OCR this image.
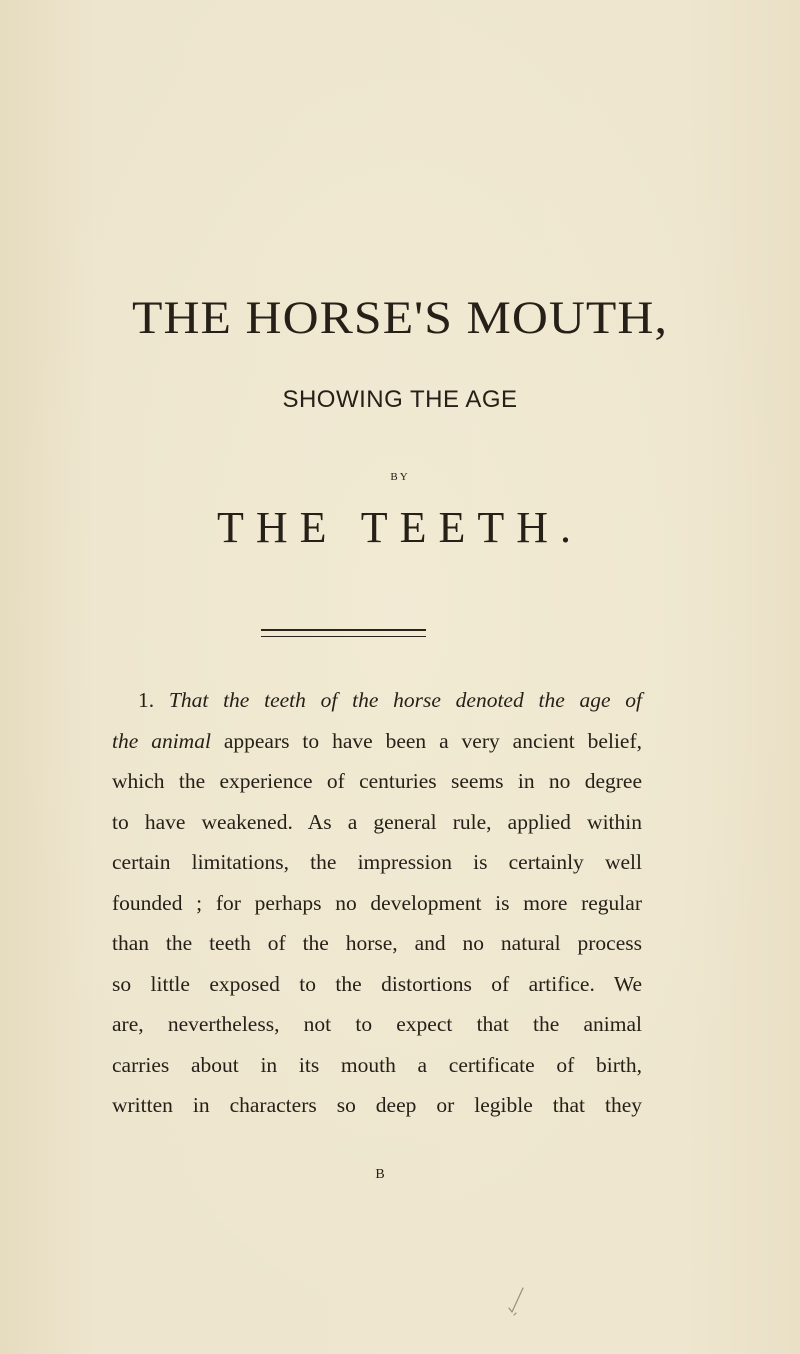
THE HORSE'S MOUTH,

SHOWING THE AGE

BY

THE TEETH.

1. That the teeth of the horse denoted the age of
the animal appears to have been a very ancient belief,
which the experience of centuries seems in no degree
to have weakened. As a general rule, applied within
certain limitations, the impression is certainly well
founded ; for perhaps no development is more regular
than the teeth of the horse, and no natural process
so little exposed to the distortions of artifice. We
are, nevertheless, not to expect that the animal
carries about in its mouth a certificate of birth,
written in characters so deep or legible that they

B
